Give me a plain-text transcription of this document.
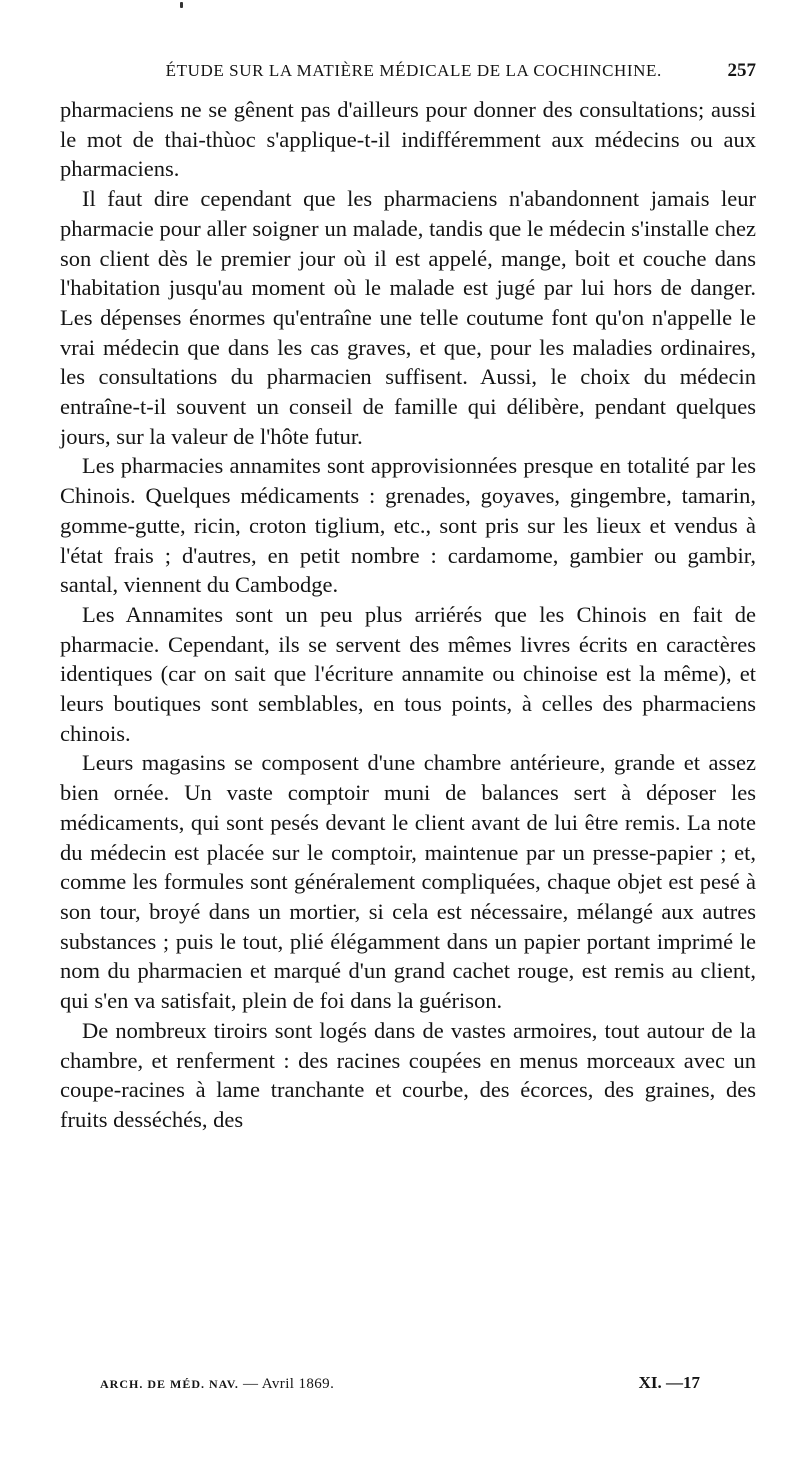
ÉTUDE SUR LA MATIÈRE MÉDICALE DE LA COCHINCHINE.	257

pharmaciens ne se gênent pas d'ailleurs pour donner des consultations; aussi le mot de thai-thùoc s'applique-t-il indifféremment aux médecins ou aux pharmaciens.

Il faut dire cependant que les pharmaciens n'abandonnent jamais leur pharmacie pour aller soigner un malade, tandis que le médecin s'installe chez son client dès le premier jour où il est appelé, mange, boit et couche dans l'habitation jusqu'au moment où le malade est jugé par lui hors de danger. Les dépenses énormes qu'entraîne une telle coutume font qu'on n'appelle le vrai médecin que dans les cas graves, et que, pour les maladies ordinaires, les consultations du pharmacien suffisent. Aussi, le choix du médecin entraîne-t-il souvent un conseil de famille qui délibère, pendant quelques jours, sur la valeur de l'hôte futur.

Les pharmacies annamites sont approvisionnées presque en totalité par les Chinois. Quelques médicaments : grenades, goyaves, gingembre, tamarin, gomme-gutte, ricin, croton tiglium, etc., sont pris sur les lieux et vendus à l'état frais ; d'autres, en petit nombre : cardamome, gambier ou gambir, santal, viennent du Cambodge.

Les Annamites sont un peu plus arriérés que les Chinois en fait de pharmacie. Cependant, ils se servent des mêmes livres écrits en caractères identiques (car on sait que l'écriture annamite ou chinoise est la même), et leurs boutiques sont semblables, en tous points, à celles des pharmaciens chinois.

Leurs magasins se composent d'une chambre antérieure, grande et assez bien ornée. Un vaste comptoir muni de balances sert à déposer les médicaments, qui sont pesés devant le client avant de lui être remis. La note du médecin est placée sur le comptoir, maintenue par un presse-papier ; et, comme les formules sont généralement compliquées, chaque objet est pesé à son tour, broyé dans un mortier, si cela est nécessaire, mélangé aux autres substances ; puis le tout, plié élégamment dans un papier portant imprimé le nom du pharmacien et marqué d'un grand cachet rouge, est remis au client, qui s'en va satisfait, plein de foi dans la guérison.

De nombreux tiroirs sont logés dans de vastes armoires, tout autour de la chambre, et renferment : des racines coupées en menus morceaux avec un coupe-racines à lame tranchante et courbe, des écorces, des graines, des fruits desséchés, des

ARCH. DE MÉD. NAV. — Avril 1869.	XI. —17
